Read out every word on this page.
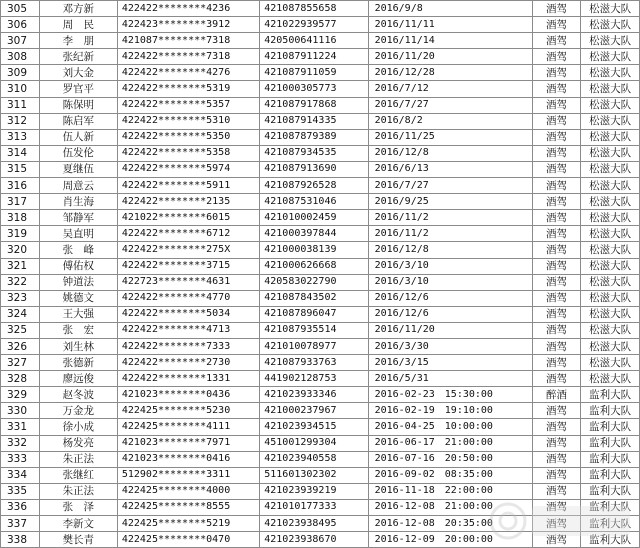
305	邓方新	422422********4236	421087855658	2016/9/8	酒驾	松滋大队
306	周　民	422423********3912	421022939577	2016/11/11	酒驾	松滋大队
307	李　朋	421087********7318	420500641116	2016/11/14	酒驾	松滋大队
308	张纪新	422422********7318	421087911224	2016/11/20	酒驾	松滋大队
309	刘大金	422422********4276	421087911059	2016/12/28	酒驾	松滋大队
310	罗官平	422422********5319	421000305773	2016/7/12	酒驾	松滋大队
311	陈保明	422422********5357	421087917868	2016/7/27	酒驾	松滋大队
312	陈启军	422422********5310	421087914335	2016/8/2	酒驾	松滋大队
313	伍人新	422422********5350	421087879389	2016/11/25	酒驾	松滋大队
314	伍发伦	422422********5358	421087934535	2016/12/8	酒驾	松滋大队
315	夏继伍	422422********5974	421087913690	2016/6/13	酒驾	松滋大队
316	周意云	422422********5911	421087926528	2016/7/27	酒驾	松滋大队
317	肖生海	422422********2135	421087531046	2016/9/25	酒驾	松滋大队
318	邹静军	421022********6015	421010002459	2016/11/2	酒驾	松滋大队
319	吴直明	422422********6712	421000397844	2016/11/2	酒驾	松滋大队
320	张　峰	422422********275X	421000038139	2016/12/8	酒驾	松滋大队
321	傅佑权	422422********3715	421000626668	2016/3/10	酒驾	松滋大队
322	钟道法	422723********4631	420583022790	2016/3/10	酒驾	松滋大队
323	姚德文	422422********4770	421087843502	2016/12/6	酒驾	松滋大队
324	王大强	422422********5034	421087896047	2016/12/6	酒驾	松滋大队
325	张　宏	422422********4713	421087935514	2016/11/20	酒驾	松滋大队
326	刘生林	422422********7333	421010078977	2016/3/30	酒驾	松滋大队
327	张德新	422422********2730	421087933763	2016/3/15	酒驾	松滋大队
328	廖远俊	422422********1331	441902128753	2016/5/31	酒驾	松滋大队
329	赵冬波	421023********0436	421023933346	2016-02-23　15:30:00	醉酒	监利大队
330	万金龙	422425********5230	421000237967	2016-02-19　19:10:00	酒驾	监利大队
331	徐小成	422425********4111	421023934515	2016-04-25　10:00:00	酒驾	监利大队
332	杨发亮	421023********7971	451001299304	2016-06-17　21:00:00	酒驾	监利大队
333	朱正法	421023********0416	421023940558	2016-07-16　20:50:00	酒驾	监利大队
334	张继红	512902********3311	511601302302	2016-09-02　08:35:00	酒驾	监利大队
335	朱正法	422425********4000	421023939219	2016-11-18　22:00:00	酒驾	监利大队
336	张　泽	422425********8555	421010177333	2016-12-08　21:00:00	酒驾	监利大队
337	李新文	422425********5219	421023938495	2016-12-08　20:35:00	酒驾	监利大队
338	樊长青	422425********0470	421023938670	2016-12-09　20:00:00	酒驾	监利大队
